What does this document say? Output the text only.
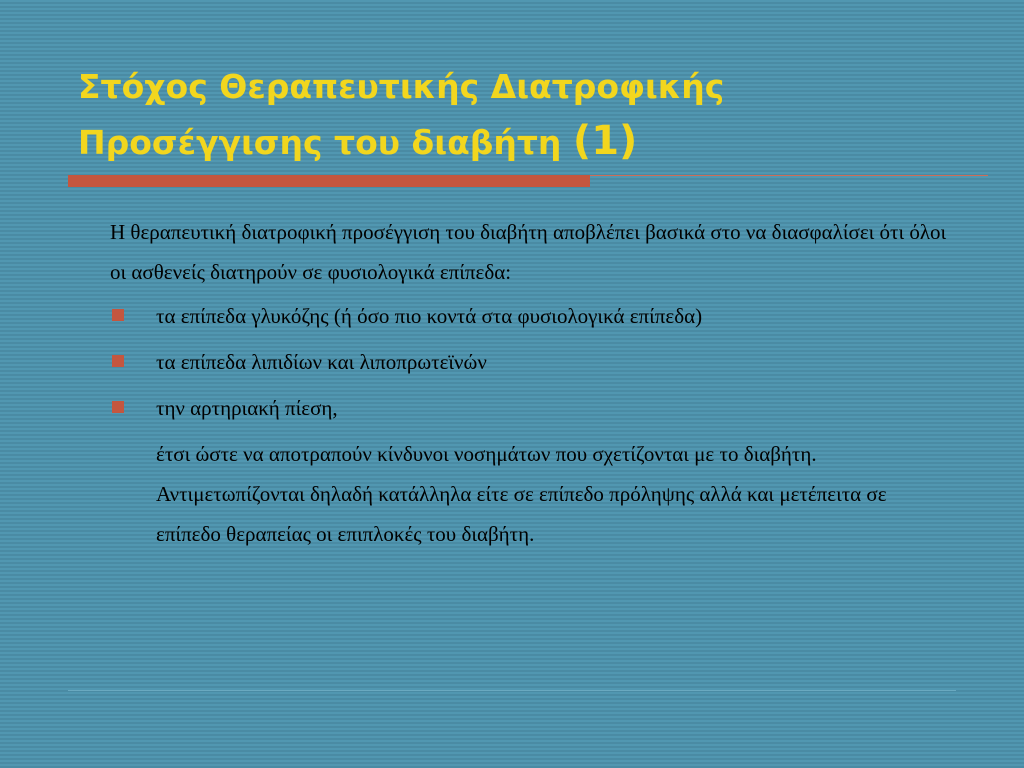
Στόχος Θεραπευτικής Διατροφικής
Προσέγγισης του διαβήτη (1)

Η θεραπευτική διατροφική προσέγγιση του διαβήτη αποβλέπει βασικά στο να διασφαλίσει ότι όλοι οι ασθενείς διατηρούν σε φυσιολογικά επίπεδα:

τα επίπεδα γλυκόζης (ή όσο πιο κοντά στα φυσιολογικά επίπεδα)
τα επίπεδα λιπιδίων και λιποπρωτεϊνών
την αρτηριακή πίεση,

έτσι ώστε να αποτραπούν κίνδυνοι νοσημάτων που σχετίζονται με το διαβήτη. Αντιμετωπίζονται δηλαδή κατάλληλα είτε σε επίπεδο πρόληψης αλλά και μετέπειτα σε επίπεδο θεραπείας οι επιπλοκές του διαβήτη.
